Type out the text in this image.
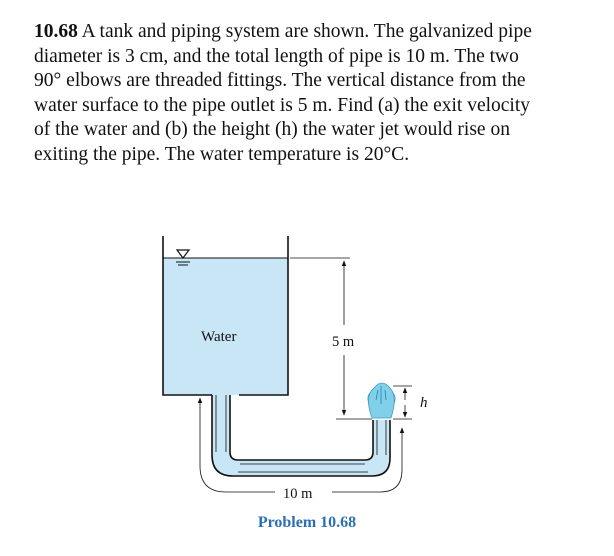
10.68 A tank and piping system are shown. The galvanized pipe
diameter is 3 cm, and the total length of pipe is 10 m. The two
90° elbows are threaded fittings. The vertical distance from the
water surface to the pipe outlet is 5 m. Find (a) the exit velocity
of the water and (b) the height (h) the water jet would rise on
exiting the pipe. The water temperature is 20°C.
5 m
h
10 m
Water
Problem 10.68
